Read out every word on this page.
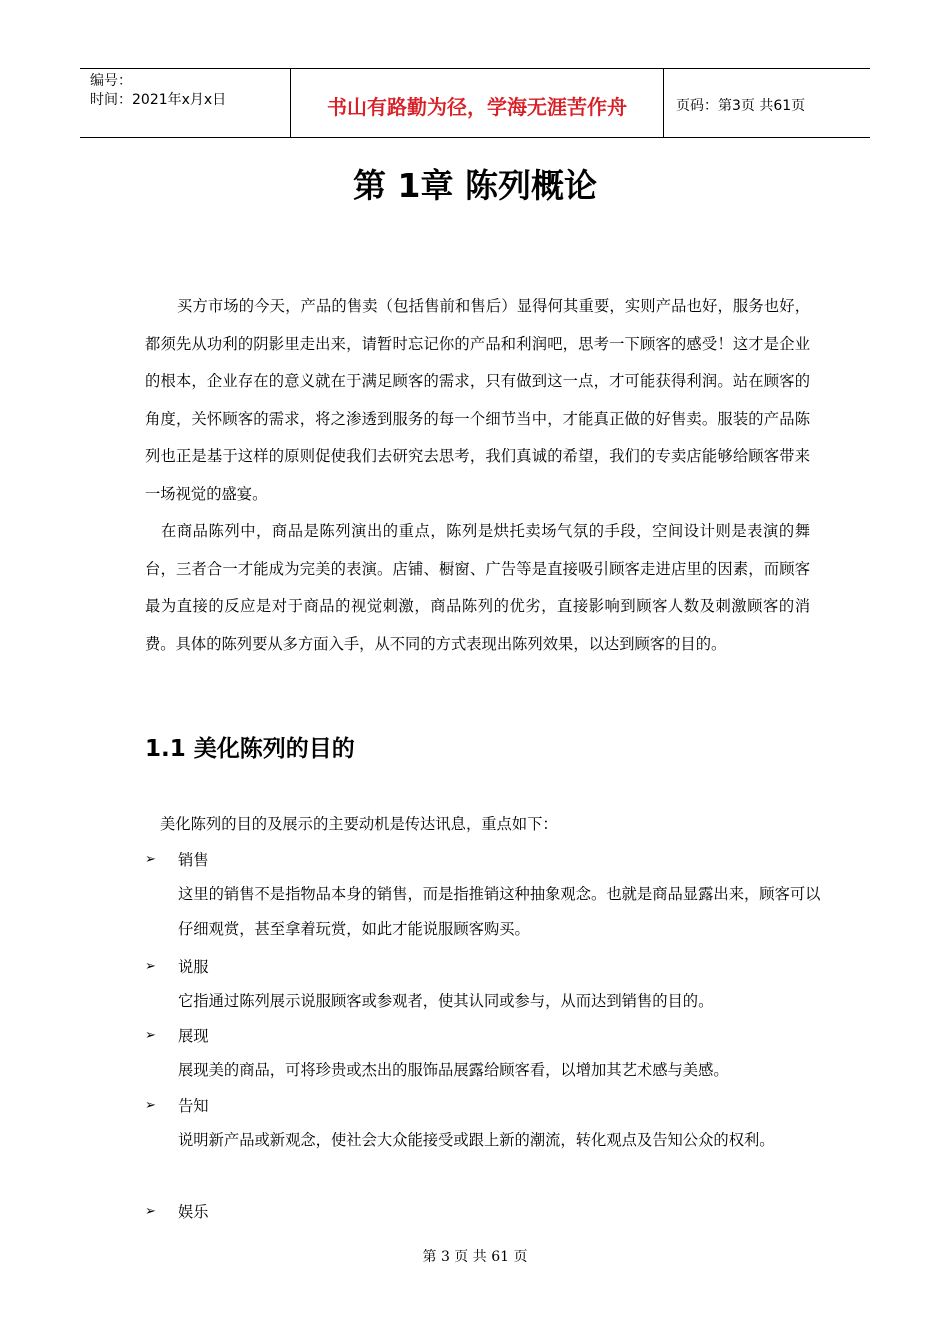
编号：
时间：2021年x月x日	书山有路勤为径，学海无涯苦作舟	页码：第3页 共61页
第 1章 陈列概论

买方市场的今天，产品的售卖（包括售前和售后）显得何其重要，实则产品也好，服务也好，都须先从功利的阴影里走出来，请暂时忘记你的产品和利润吧，思考一下顾客的感受！这才是企业的根本，企业存在的意义就在于满足顾客的需求，只有做到这一点，才可能获得利润。站在顾客的角度，关怀顾客的需求，将之渗透到服务的每一个细节当中，才能真正做的好售卖。服装的产品陈列也正是基于这样的原则促使我们去研究去思考，我们真诚的希望，我们的专卖店能够给顾客带来一场视觉的盛宴。

在商品陈列中，商品是陈列演出的重点，陈列是烘托卖场气氛的手段，空间设计则是表演的舞台，三者合一才能成为完美的表演。店铺、橱窗、广告等是直接吸引顾客走进店里的因素，而顾客最为直接的反应是对于商品的视觉刺激，商品陈列的优劣，直接影响到顾客人数及刺激顾客的消费。具体的陈列要从多方面入手，从不同的方式表现出陈列效果，以达到顾客的目的。

1.1 美化陈列的目的
美化陈列的目的及展示的主要动机是传达讯息，重点如下：
➢	销售
这里的销售不是指物品本身的销售，而是指推销这种抽象观念。也就是商品显露出来，顾客可以仔细观赏，甚至拿着玩赏，如此才能说服顾客购买。
➢	说服
它指通过陈列展示说服顾客或参观者，使其认同或参与，从而达到销售的目的。
➢	展现
展现美的商品，可将珍贵或杰出的服饰品展露给顾客看，以增加其艺术感与美感。
➢	告知
说明新产品或新观念，使社会大众能接受或跟上新的潮流，转化观点及告知公众的权利。
➢	娱乐
第 3 页 共 61 页
